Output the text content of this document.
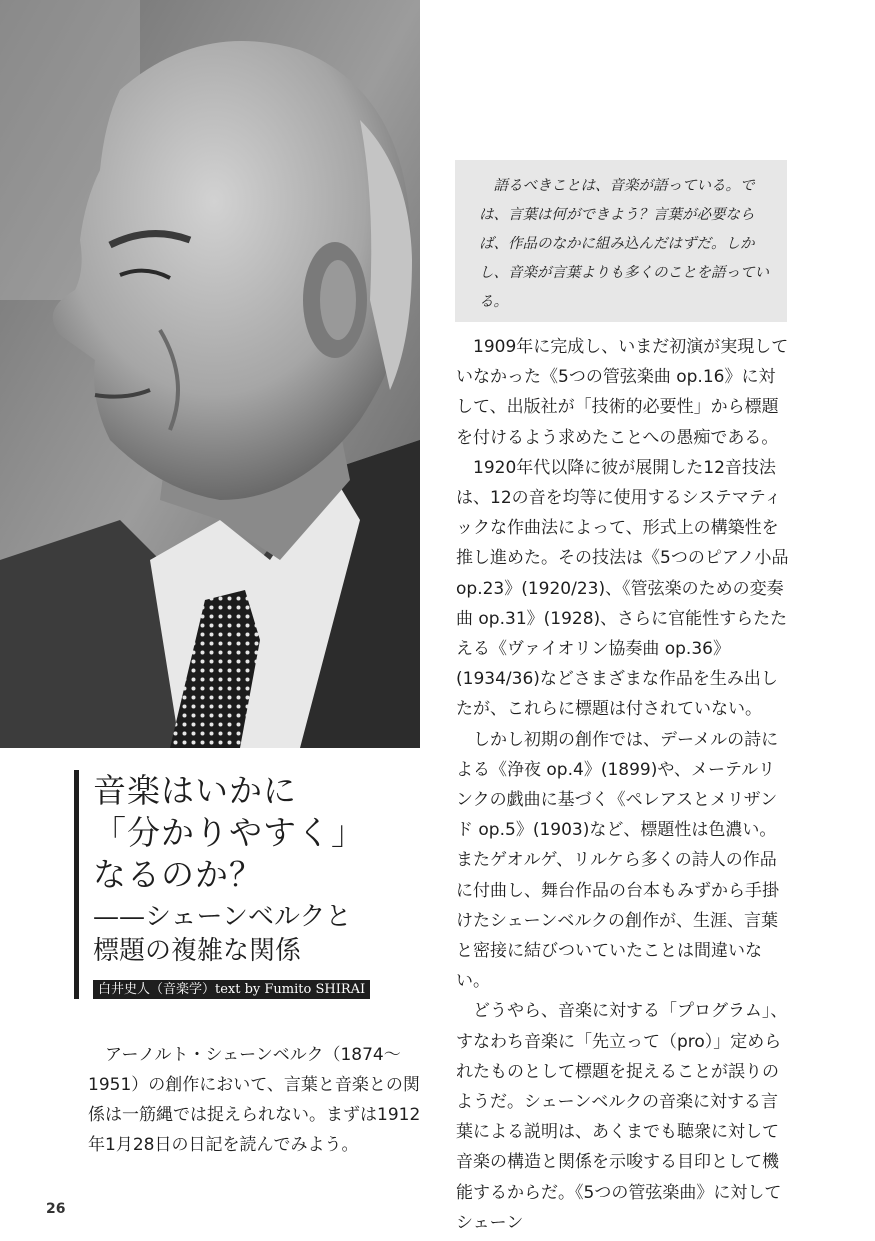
語るべきことは、音楽が語っている。では、言葉は何ができよう？言葉が必要ならば、作品のなかに組み込んだはずだ。しかし、音楽が言葉よりも多くのことを語っている。
音楽はいかに
「分かりやすく」
なるのか？
——シェーンベルクと
標題の複雑な関係
白井史人（音楽学）text by Fumito SHIRAI

アーノルト・シェーンベルク（1874〜1951）の創作において、言葉と音楽との関係は一筋縄では捉えられない。まずは1912年1月28日の日記を読んでみよう。

1909年に完成し、いまだ初演が実現していなかった《5つの管弦楽曲 op.16》に対して、出版社が「技術的必要性」から標題を付けるよう求めたことへの愚痴である。

1920年代以降に彼が展開した12音技法は、12の音を均等に使用するシステマティックな作曲法によって、形式上の構築性を推し進めた。その技法は《5つのピアノ小品 op.23》(1920/23)、《管弦楽のための変奏曲 op.31》(1928)、さらに官能性すらたたえる《ヴァイオリン協奏曲 op.36》(1934/36)などさまざまな作品を生み出したが、これらに標題は付されていない。

しかし初期の創作では、デーメルの詩による《浄夜 op.4》(1899)や、メーテルリンクの戯曲に基づく《ペレアスとメリザンド op.5》(1903)など、標題性は色濃い。またゲオルゲ、リルケら多くの詩人の作品に付曲し、舞台作品の台本もみずから手掛けたシェーンベルクの創作が、生涯、言葉と密接に結びついていたことは間違いない。

どうやら、音楽に対する「プログラム」、すなわち音楽に「先立って（pro）」定められたものとして標題を捉えることが誤りのようだ。シェーンベルクの音楽に対する言葉による説明は、あくまでも聴衆に対して音楽の構造と関係を示唆する目印として機能するからだ。《5つの管弦楽曲》に対してシェーン

26
